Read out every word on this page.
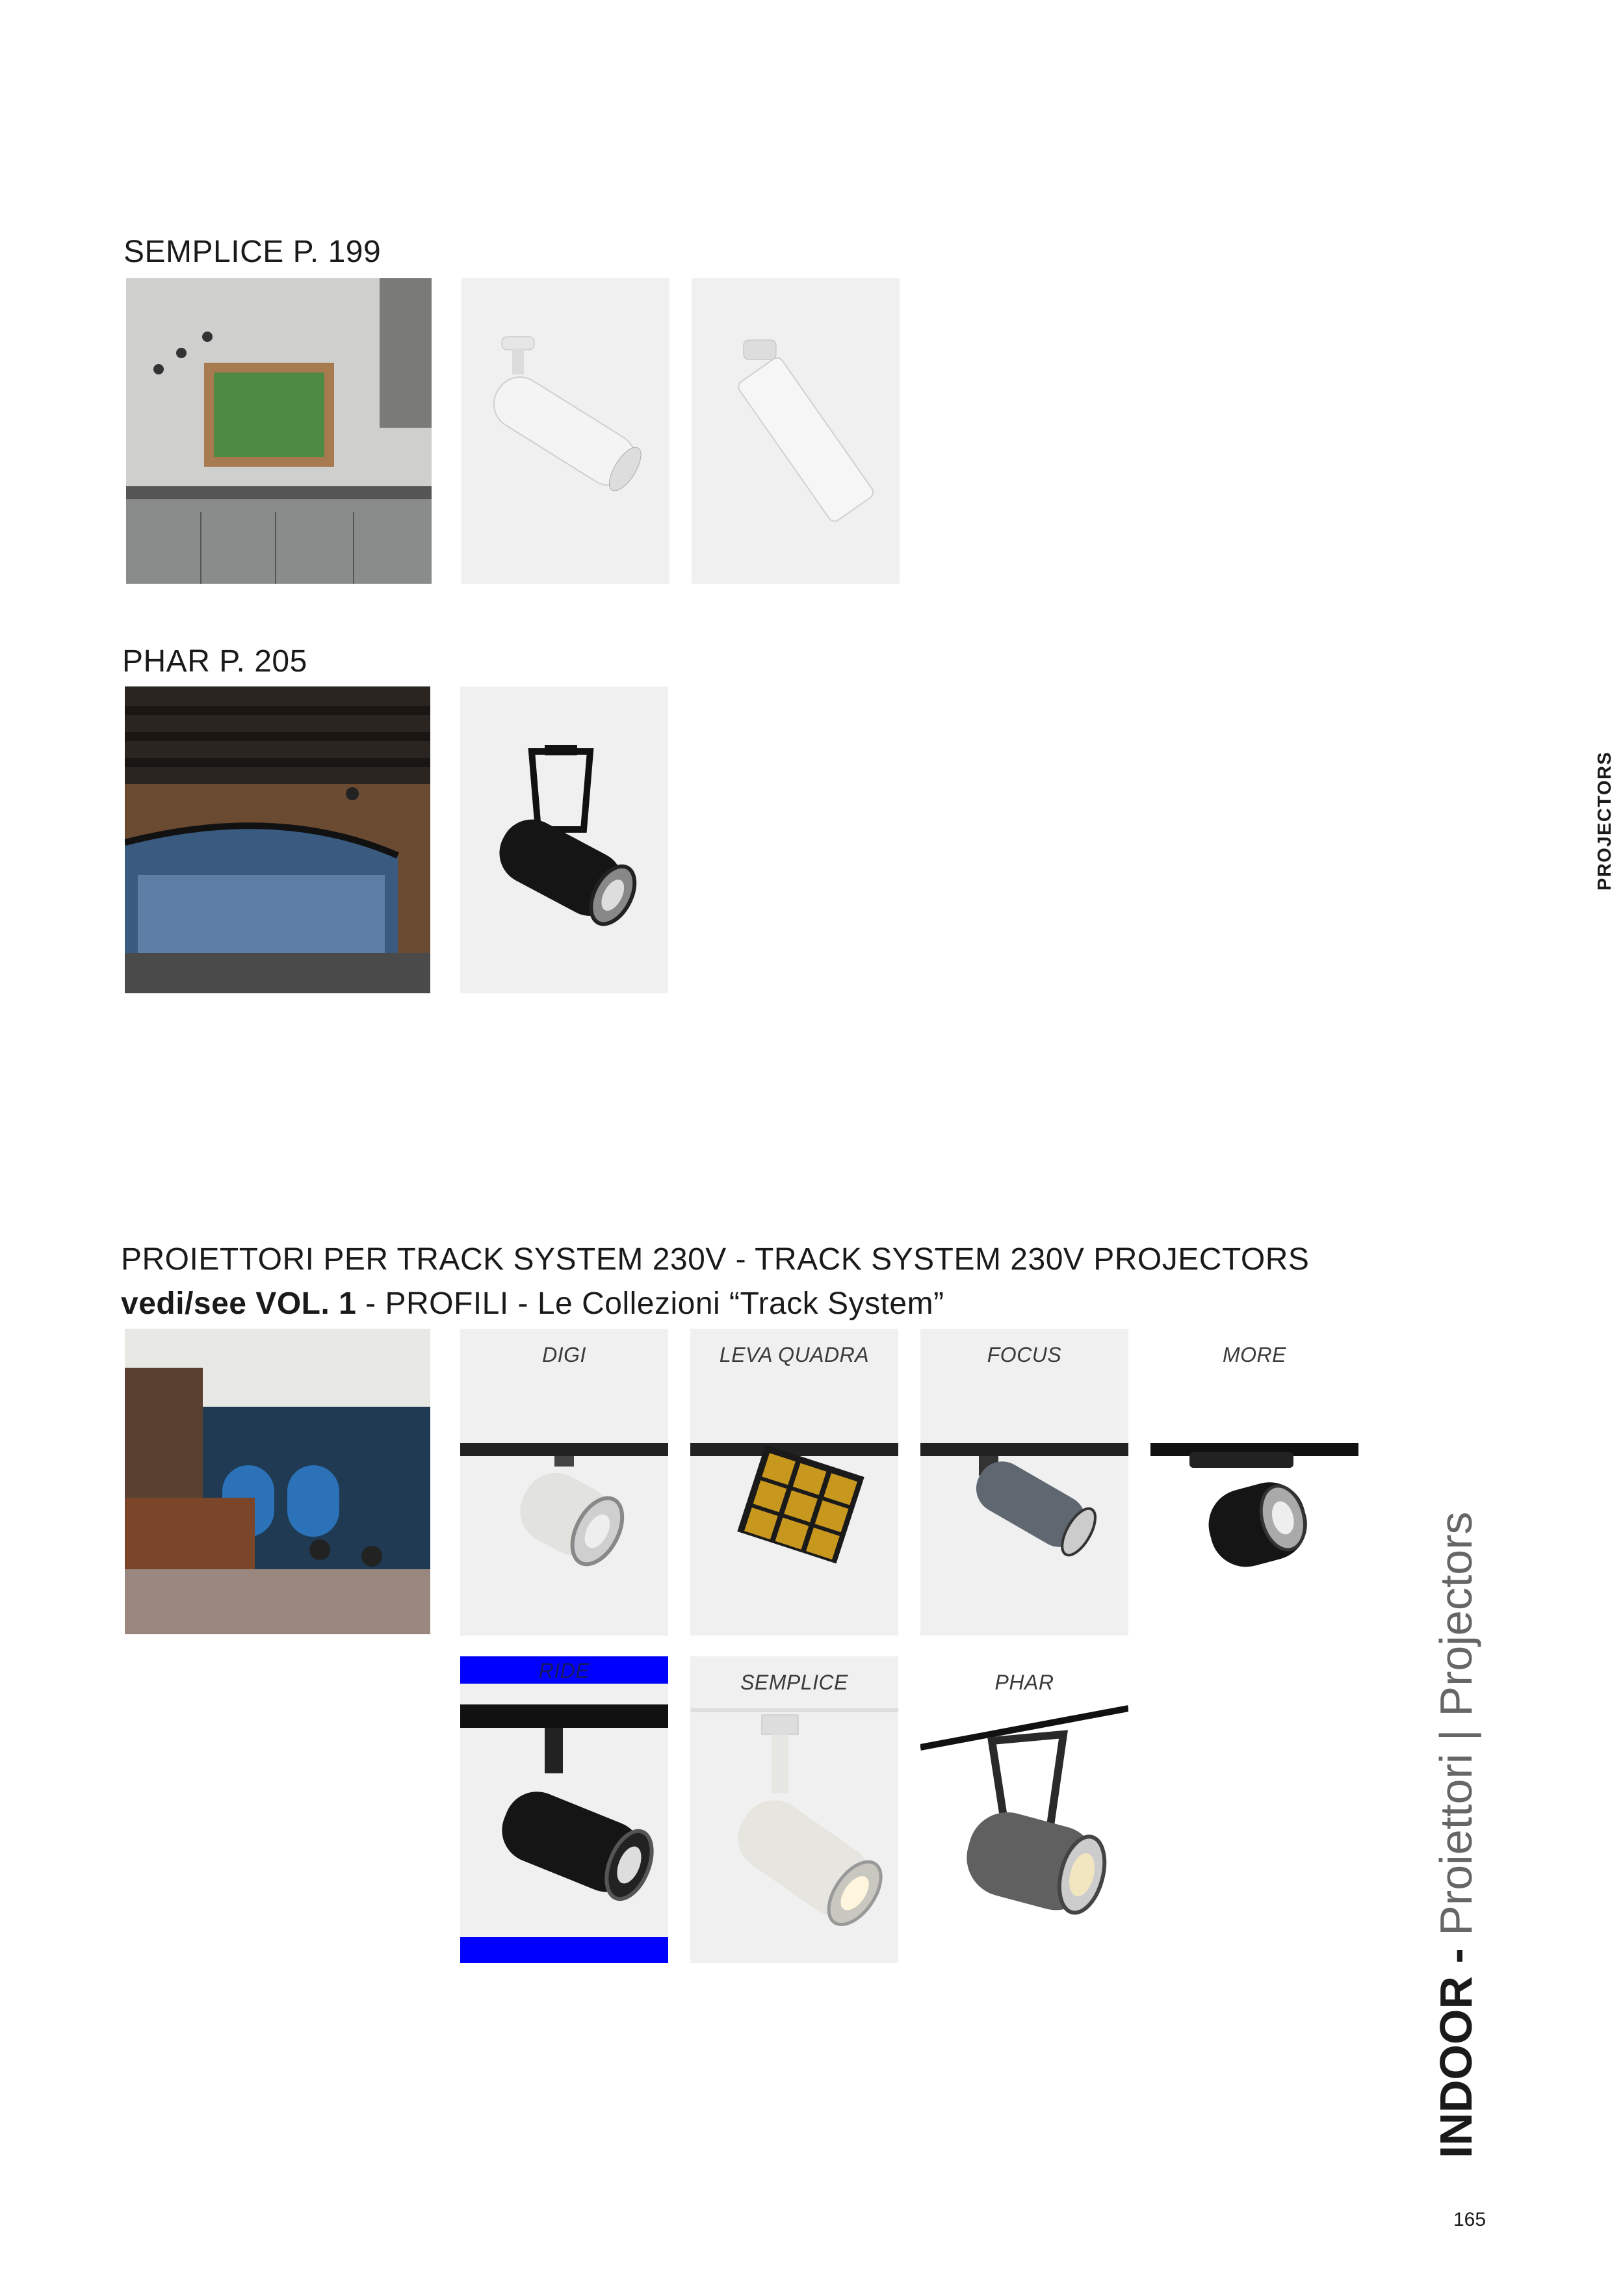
SEMPLICE P. 199
PHAR P. 205
PROJECTORS
PROIETTORI PER TRACK SYSTEM 230V - TRACK SYSTEM 230V PROJECTORS
vedi/see VOL. 1 - PROFILI - Le Collezioni “Track System”
DIGI	LEVA QUADRA	FOCUS	MORE
RIDE	SEMPLICE	PHAR
INDOOR - Proiettori | Projectors
165
